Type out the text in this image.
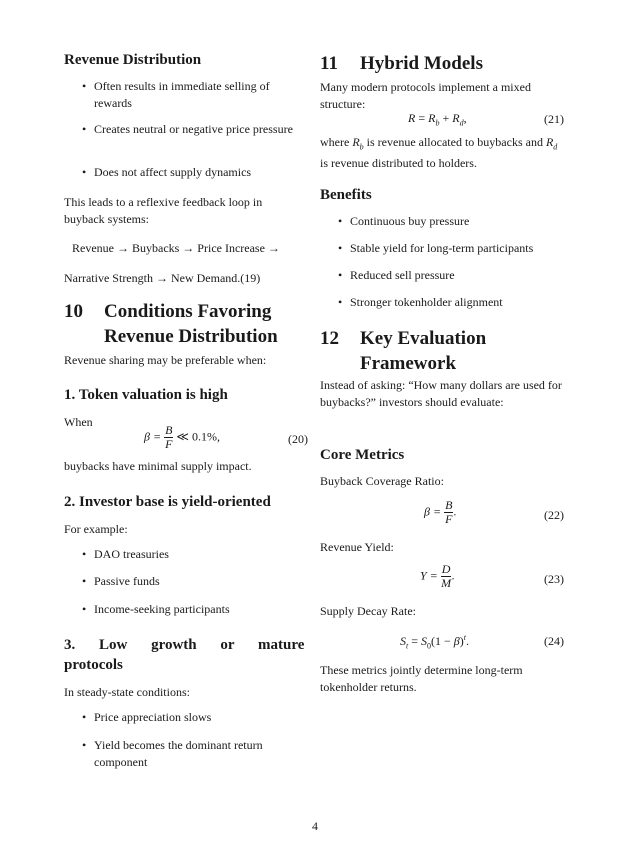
Revenue Distribution
• Often results in immediate selling of rewards
• Creates neutral or negative price pressure
• Does not affect supply dynamics
This leads to a reflexive feedback loop in buyback systems:
Revenue → Buybacks → Price Increase →
Narrative Strength → New Demand.(19)
10	Conditions Favoring Revenue Distribution
Revenue sharing may be preferable when:
1. Token valuation is high
When
$\beta = \frac{B}{F}$ ≪ 0.1%,	(20)
buybacks have minimal supply impact.
2. Investor base is yield-oriented
For example:
• DAO treasuries
• Passive funds
• Income-seeking participants
3. Low growth or mature
protocols
In steady-state conditions:
• Price appreciation slows
• Yield becomes the dominant return component
11 Hybrid Models
Many modern protocols implement a mixed structure:
$R = R_b + R_d$,	(21)
where $R_b$ is revenue allocated to buybacks and $R_d$ is revenue distributed to holders.
Benefits
• Continuous buy pressure
• Stable yield for long-term participants
• Reduced sell pressure
• Stronger tokenholder alignment
12	Key Evaluation Framework
Instead of asking: “How many dollars are used for buybacks?” investors should evaluate:
Core Metrics
Buyback Coverage Ratio:
$\beta = \frac{B}{F}$ .	(22)
Revenue Yield:
$Y = \frac{D}{M}$ .	(23)
Supply Decay Rate:
$S_t = S_0(1 - \beta)^t$.	(24)
These metrics jointly determine long-term tokenholder returns.
4
